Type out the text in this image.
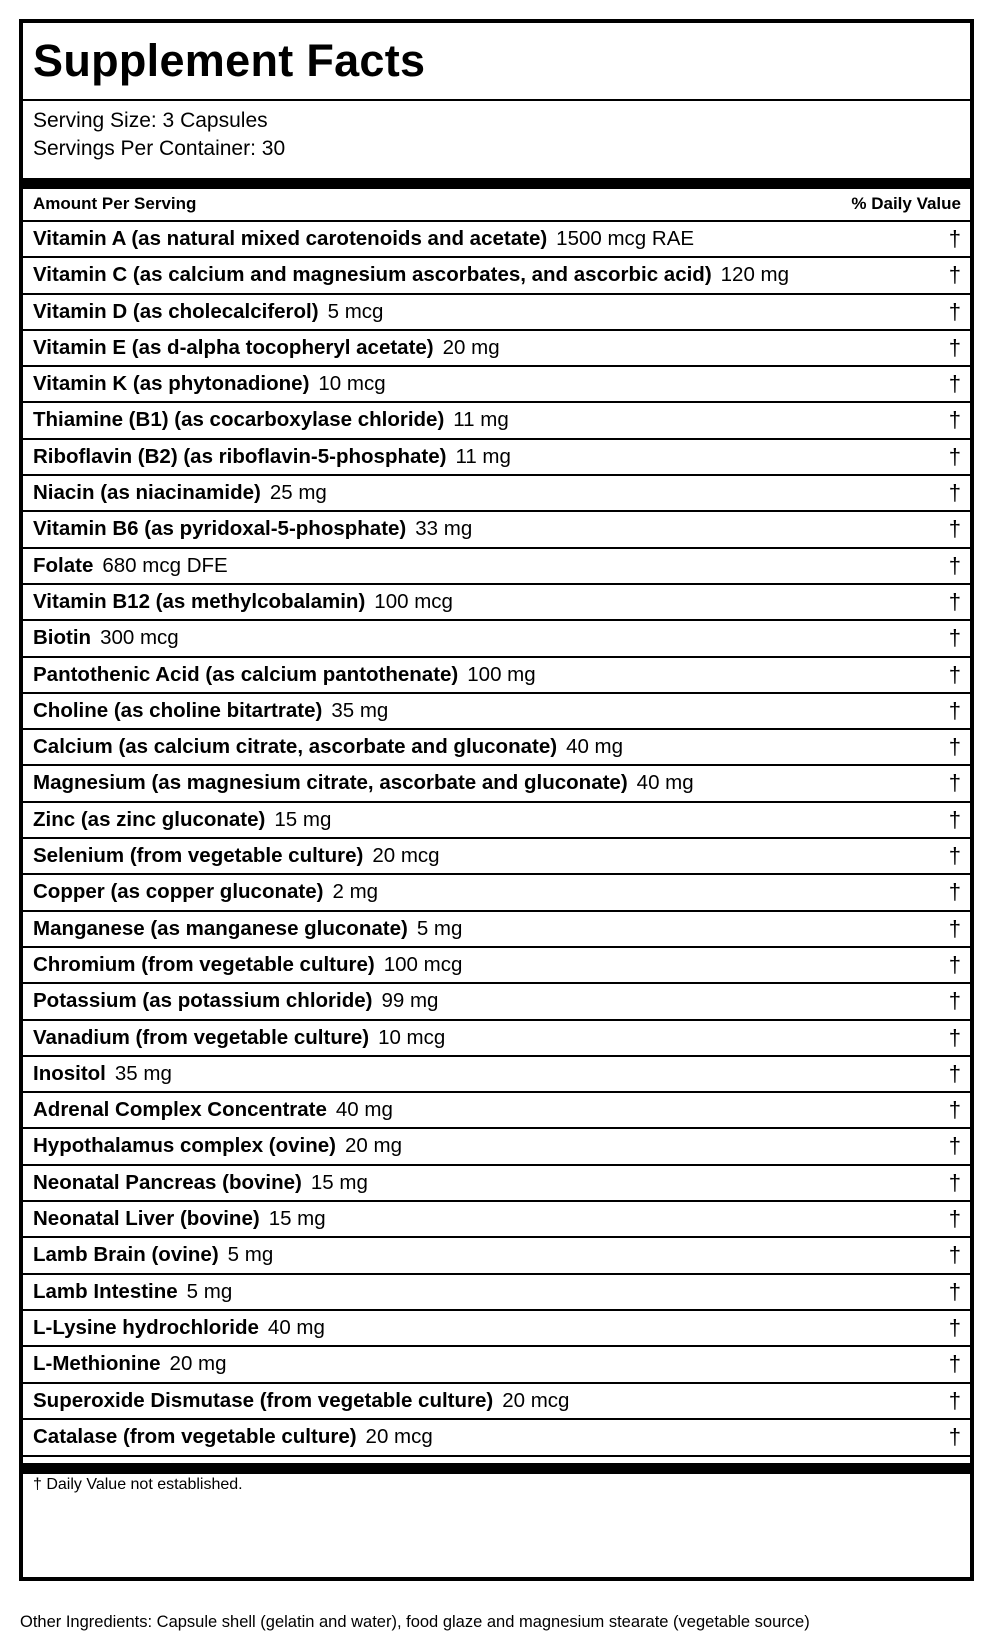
Supplement Facts
Serving Size: 3 Capsules
Servings Per Container: 30
Amount Per Serving	% Daily Value
Vitamin A (as natural mixed carotenoids and acetate) 1500 mcg RAE	†
Vitamin C (as calcium and magnesium ascorbates, and ascorbic acid) 120 mg	†
Vitamin D (as cholecalciferol) 5 mcg	†
Vitamin E (as d-alpha tocopheryl acetate) 20 mg	†
Vitamin K (as phytonadione) 10 mcg	†
Thiamine (B1) (as cocarboxylase chloride) 11 mg	†
Riboflavin (B2) (as riboflavin-5-phosphate) 11 mg	†
Niacin (as niacinamide) 25 mg	†
Vitamin B6 (as pyridoxal-5-phosphate) 33 mg	†
Folate 680 mcg DFE	†
Vitamin B12 (as methylcobalamin) 100 mcg	†
Biotin 300 mcg	†
Pantothenic Acid (as calcium pantothenate) 100 mg	†
Choline (as choline bitartrate) 35 mg	†
Calcium (as calcium citrate, ascorbate and gluconate) 40 mg	†
Magnesium (as magnesium citrate, ascorbate and gluconate) 40 mg	†
Zinc (as zinc gluconate) 15 mg	†
Selenium (from vegetable culture) 20 mcg	†
Copper (as copper gluconate) 2 mg	†
Manganese (as manganese gluconate) 5 mg	†
Chromium (from vegetable culture) 100 mcg	†
Potassium (as potassium chloride) 99 mg	†
Vanadium (from vegetable culture) 10 mcg	†
Inositol 35 mg	†
Adrenal Complex Concentrate 40 mg	†
Hypothalamus complex (ovine) 20 mg	†
Neonatal Pancreas (bovine) 15 mg	†
Neonatal Liver (bovine) 15 mg	†
Lamb Brain (ovine) 5 mg	†
Lamb Intestine 5 mg	†
L-Lysine hydrochloride 40 mg	†
L-Methionine 20 mg	†
Superoxide Dismutase (from vegetable culture) 20 mcg	†
Catalase (from vegetable culture) 20 mcg	†
† Daily Value not established.
Other Ingredients: Capsule shell (gelatin and water), food glaze and magnesium stearate (vegetable source)
